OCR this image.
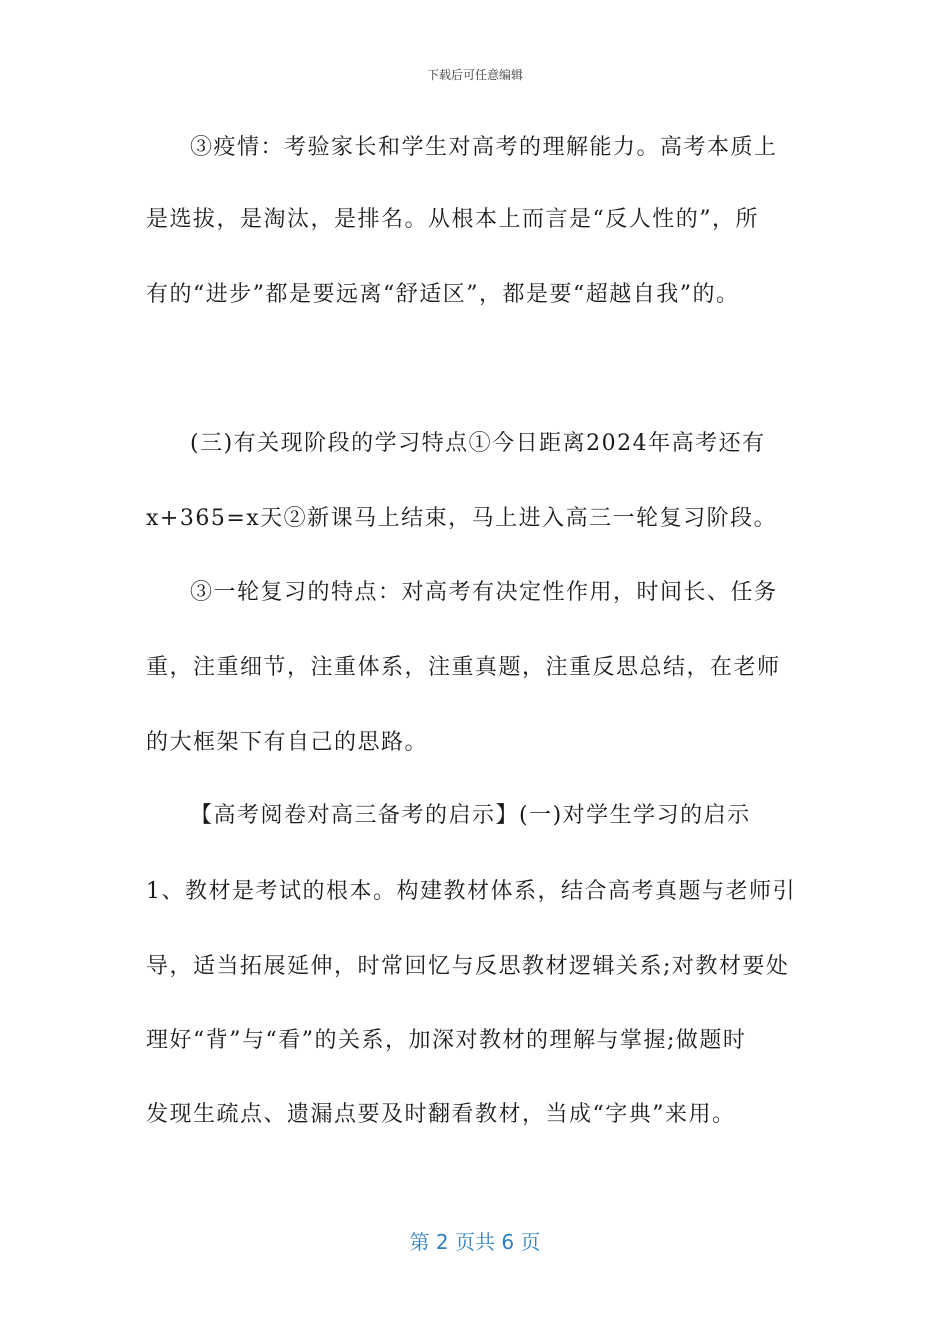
下载后可任意编辑
③疫情：考验家长和学生对高考的理解能力。高考本质上
是选拔，是淘汰，是排名。从根本上而言是“反人性的”，所
有的“进步”都是要远离“舒适区”，都是要“超越自我”的。
(三)有关现阶段的学习特点①今日距离2024年高考还有
x+365=x天②新课马上结束，马上进入高三一轮复习阶段。
③一轮复习的特点：对高考有决定性作用，时间长、任务
重，注重细节，注重体系，注重真题，注重反思总结，在老师
的大框架下有自己的思路。
【高考阅卷对高三备考的启示】(一)对学生学习的启示
1、教材是考试的根本。构建教材体系，结合高考真题与老师引
导，适当拓展延伸，时常回忆与反思教材逻辑关系;对教材要处
理好“背”与“看”的关系，加深对教材的理解与掌握;做题时
发现生疏点、遗漏点要及时翻看教材，当成“字典”来用。
第 2 页共 6 页
